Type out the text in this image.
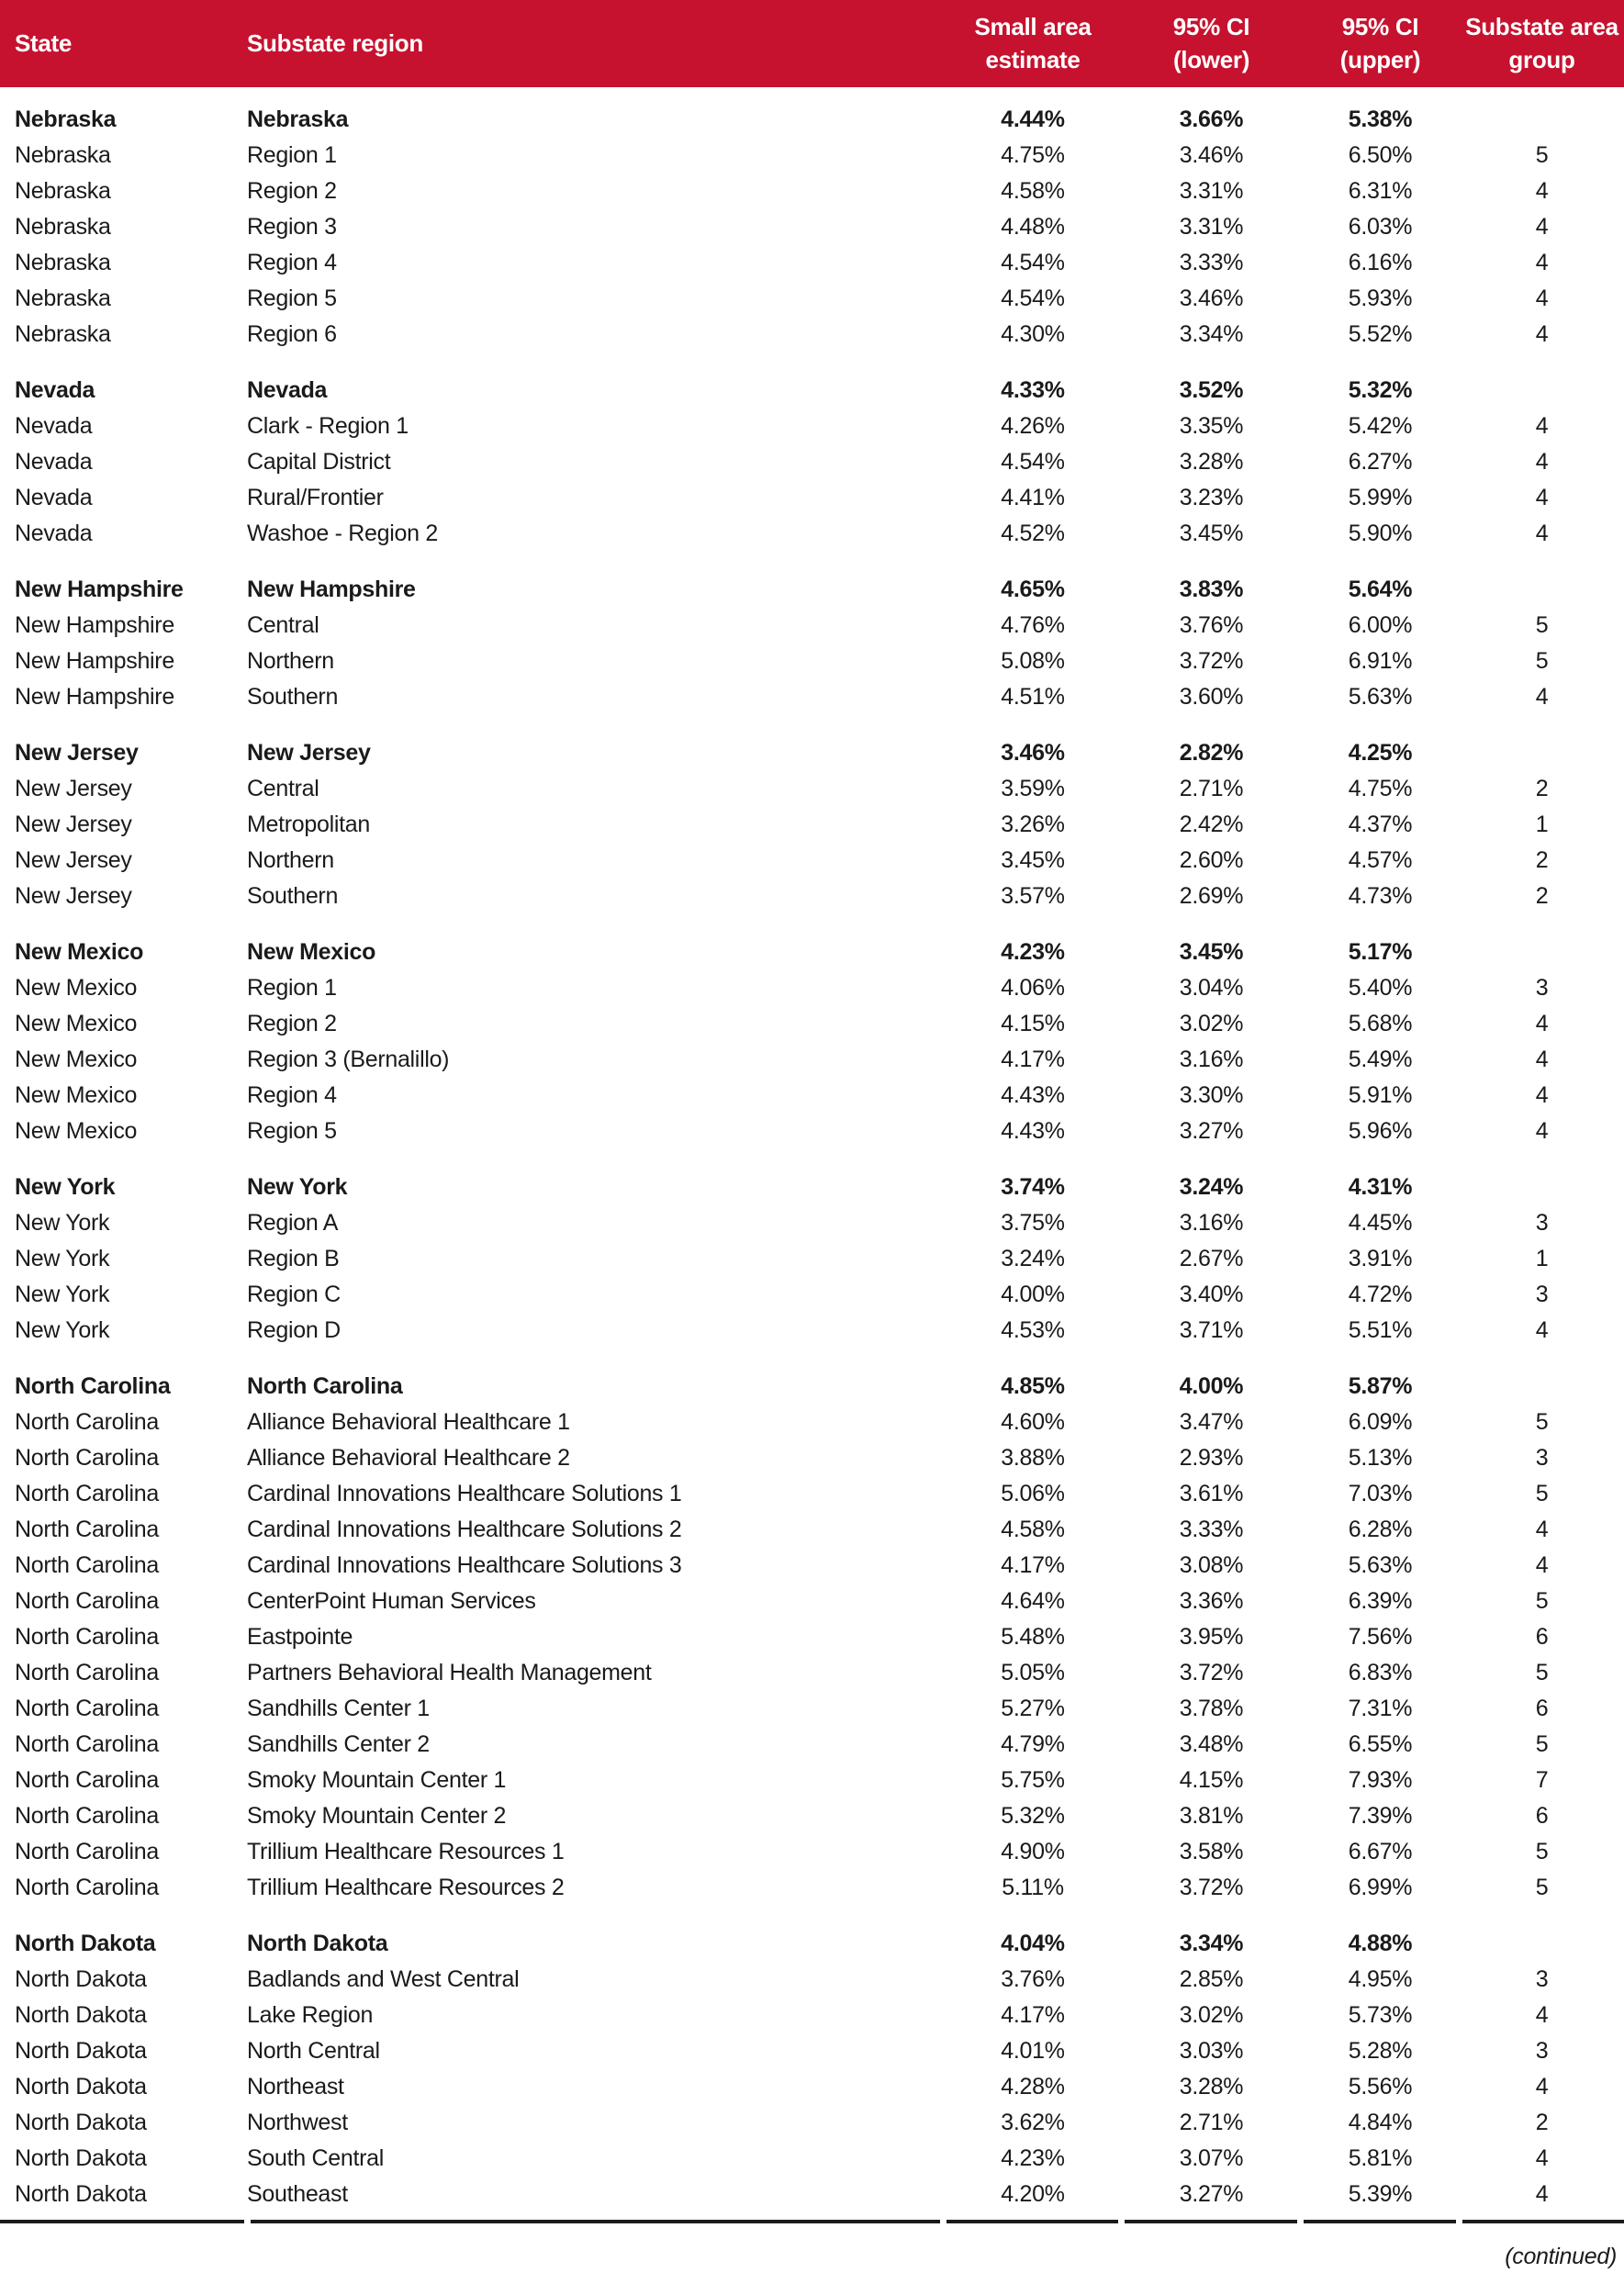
State	Substate region	Small area estimate	95% CI (lower)	95% CI (upper)	Substate area group

Nebraska	Nebraska	4.44%	3.66%	5.38%	
Nebraska	Region 1	4.75%	3.46%	6.50%	5
Nebraska	Region 2	4.58%	3.31%	6.31%	4
Nebraska	Region 3	4.48%	3.31%	6.03%	4
Nebraska	Region 4	4.54%	3.33%	6.16%	4
Nebraska	Region 5	4.54%	3.46%	5.93%	4
Nebraska	Region 6	4.30%	3.34%	5.52%	4

Nevada	Nevada	4.33%	3.52%	5.32%	
Nevada	Clark - Region 1	4.26%	3.35%	5.42%	4
Nevada	Capital District	4.54%	3.28%	6.27%	4
Nevada	Rural/Frontier	4.41%	3.23%	5.99%	4
Nevada	Washoe - Region 2	4.52%	3.45%	5.90%	4

New Hampshire	New Hampshire	4.65%	3.83%	5.64%	
New Hampshire	Central	4.76%	3.76%	6.00%	5
New Hampshire	Northern	5.08%	3.72%	6.91%	5
New Hampshire	Southern	4.51%	3.60%	5.63%	4

New Jersey	New Jersey	3.46%	2.82%	4.25%	
New Jersey	Central	3.59%	2.71%	4.75%	2
New Jersey	Metropolitan	3.26%	2.42%	4.37%	1
New Jersey	Northern	3.45%	2.60%	4.57%	2
New Jersey	Southern	3.57%	2.69%	4.73%	2

New Mexico	New Mexico	4.23%	3.45%	5.17%	
New Mexico	Region 1	4.06%	3.04%	5.40%	3
New Mexico	Region 2	4.15%	3.02%	5.68%	4
New Mexico	Region 3 (Bernalillo)	4.17%	3.16%	5.49%	4
New Mexico	Region 4	4.43%	3.30%	5.91%	4
New Mexico	Region 5	4.43%	3.27%	5.96%	4

New York	New York	3.74%	3.24%	4.31%	
New York	Region A	3.75%	3.16%	4.45%	3
New York	Region B	3.24%	2.67%	3.91%	1
New York	Region C	4.00%	3.40%	4.72%	3
New York	Region D	4.53%	3.71%	5.51%	4

North Carolina	North Carolina	4.85%	4.00%	5.87%	
North Carolina	Alliance Behavioral Healthcare 1	4.60%	3.47%	6.09%	5
North Carolina	Alliance Behavioral Healthcare 2	3.88%	2.93%	5.13%	3
North Carolina	Cardinal Innovations Healthcare Solutions 1	5.06%	3.61%	7.03%	5
North Carolina	Cardinal Innovations Healthcare Solutions 2	4.58%	3.33%	6.28%	4
North Carolina	Cardinal Innovations Healthcare Solutions 3	4.17%	3.08%	5.63%	4
North Carolina	CenterPoint Human Services	4.64%	3.36%	6.39%	5
North Carolina	Eastpointe	5.48%	3.95%	7.56%	6
North Carolina	Partners Behavioral Health Management	5.05%	3.72%	6.83%	5
North Carolina	Sandhills Center 1	5.27%	3.78%	7.31%	6
North Carolina	Sandhills Center 2	4.79%	3.48%	6.55%	5
North Carolina	Smoky Mountain Center 1	5.75%	4.15%	7.93%	7
North Carolina	Smoky Mountain Center 2	5.32%	3.81%	7.39%	6
North Carolina	Trillium Healthcare Resources 1	4.90%	3.58%	6.67%	5
North Carolina	Trillium Healthcare Resources 2	5.11%	3.72%	6.99%	5

North Dakota	North Dakota	4.04%	3.34%	4.88%	
North Dakota	Badlands and West Central	3.76%	2.85%	4.95%	3
North Dakota	Lake Region	4.17%	3.02%	5.73%	4
North Dakota	North Central	4.01%	3.03%	5.28%	3
North Dakota	Northeast	4.28%	3.28%	5.56%	4
North Dakota	Northwest	3.62%	2.71%	4.84%	2
North Dakota	South Central	4.23%	3.07%	5.81%	4
North Dakota	Southeast	4.20%	3.27%	5.39%	4
(continued)
